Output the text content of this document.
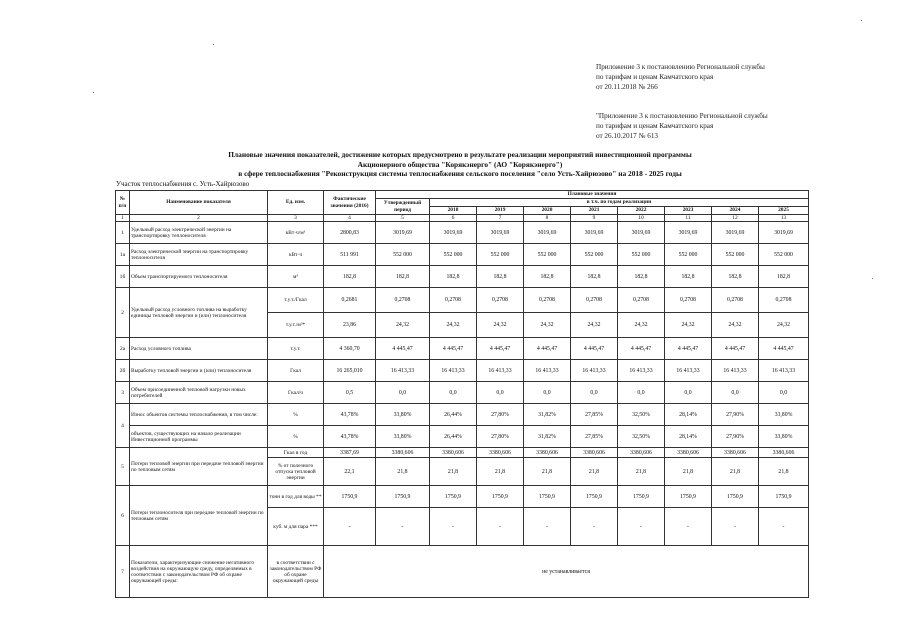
Приложение 3 к постановлению Региональной службы
по тарифам и ценам Камчатского края
от 20.11.2018 № 266
"Приложение 3 к постановлению Региональной службы
по тарифам и ценам Камчатского края
от 26.10.2017 № 613
Плановые значения показателей, достижение которых предусмотрено в результате реализации мероприятий инвестиционной программы
Акционерного общества "Корякэнерго" (АО "Корякэнерго")
в сфере теплоснабжения "Реконструкция системы теплоснабжения сельского поселения "село Усть-Хайрюзово" на 2018 - 2025 годы
Участок теплоснабжения с. Усть-Хайрюзово
№ п/п	Наименование показателя	Ед. изм.	Фактические значения (2016)	Плановые значения								
				Утвержденный период	в т.ч. по годам реализации							
					2018	2019	2020	2021	2022	2023	2024	2025
1	2	3	4	5	6	7	8	9	10	11	12	13
1	Удельный расход электрической энергии на транспортировку теплоносителя	кВт·ч/м³	2800,83	3019,69	3019,69	3019,69	3019,69	3019,69	3019,69	3019,69	3019,69	3019,69
1а	Расход электрической энергии на транспортировку теплоносителя	кВт·ч	511 991	552 000	552 000	552 000	552 000	552 000	552 000	552 000	552 000	552 000
1б	Объем транспортируемого теплоносителя	м³	182,8	182,8	182,8	182,8	182,8	182,8	182,8	182,8	182,8	182,8
2	Удельный расход условного топлива на выработку единицы тепловой энергии и (или) теплоносителя	т.у.т./Гкал	0,2681	0,2708	0,2708	0,2708	0,2708	0,2708	0,2708	0,2708	0,2708	0,2708
		т.у.т./м³*	23,86	24,32	24,32	24,32	24,32	24,32	24,32	24,32	24,32	24,32
2а	Расход условного топлива	т.у.т.	4 360,70	4 445,47	4 445,47	4 445,47	4 445,47	4 445,47	4 445,47	4 445,47	4 445,47	4 445,47
2б	Выработку тепловой энергии и (или) теплоносителя	Гкал	16 265,010	16 413,33	16 413,33	16 413,33	16 413,33	16 413,33	16 413,33	16 413,33	16 413,33	16 413,33
3	Объем присоединенной тепловой нагрузки новых потребителей	Гкал/ч	0,5	0,0	0,0	0,0	0,0	0,0	0,0	0,0	0,0	0,0
4	Износ объектов системы теплоснабжения, в том числе:	%	43,78%	33,80%	26,44%	27,80%	31,82%	27,85%	32,50%	28,14%	27,90%	33,80%
	объектов, существующих на начало реализации Инвестиционной программы	%	43,78%	33,80%	26,44%	27,80%	31,82%	27,85%	32,50%	28,14%	27,90%	33,80%
5	Потери тепловой энергии при передаче тепловой энергии по тепловым сетям	Гкал в год	3387,69	3380,606	3380,606	3380,606	3380,606	3380,606	3380,606	3380,606	3380,606	3380,606
		% от полезного отпуска тепловой энергии	22,1	21,8	21,8	21,8	21,8	21,8	21,8	21,8	21,8	21,8
6	Потери теплоносителя при передаче тепловой энергии по тепловым сетям	тонн в год для воды **	1750,9	1750,9	1750,9	1750,9	1750,9	1750,9	1750,9	1750,9	1750,9	1750,9
		куб. м для пара ***	-	-	-	-	-	-	-	-	-	-
7	Показатели, характеризующие снижение негативного воздействия на окружающую среду, определяемых в соответствии с законодательством РФ об охране окружающей среды:	в соответствии с законодательством РФ об охране окружающей среды	не устанавливается									
